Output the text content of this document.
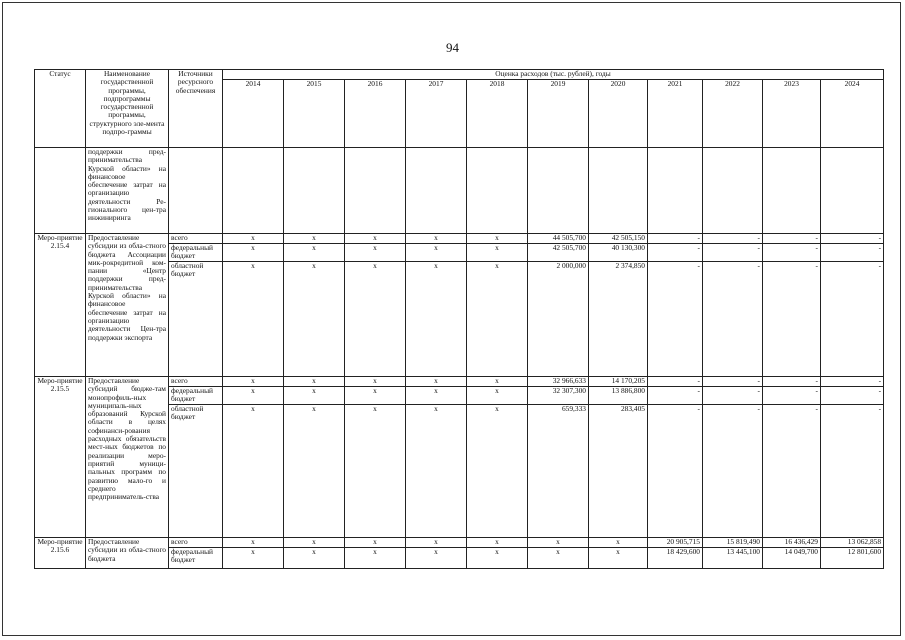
94
Статус	Наименование государственной программы, подпрограммы государственной программы, структурного эле-мента подпро-граммы	Источники ресурсного обеспечения	Оценка расходов (тыс. рублей), годы										
			2014	2015	2016	2017	2018	2019	2020	2021	2022	2023	2024
	поддержки пред-принимательства Курской области» на финансовое обеспечение затрат на организацию деятельности Ре-гионального цен-тра инжиниринга												
Меро-приятие 2.15.4	Предоставление субсидии из обла-стного бюджета Ассоциации мик-рокредитной ком-пании «Центр поддержки пред-принимательства Курской области» на финансовое обеспечение затрат на организацию деятельности Цен-тра поддержки экспорта	всего	x	x	x	x	x	44 505,700	42 505,150	-	-	-	-
		федеральный бюджет	x	x	x	x	x	42 505,700	40 130,300	-	-	-	-
		областной бюджет	x	x	x	x	x	2 000,000	2 374,850	-	-	-	-
Меро-приятие 2.15.5	Предоставление субсидий бюдже-там монопрофиль-ных муниципаль-ных образований Курской области в целях софинанси-рования расходных обязательств мест-ных бюджетов по реализации меро-приятий муници-пальных программ по развитию мало-го и среднего предприниматель-ства	всего	x	x	x	x	x	32 966,633	14 170,205	-	-	-	-
		федеральный бюджет	x	x	x	x	x	32 307,300	13 886,800	-	-	-	-
		областной бюджет	x	x	x	x	x	659,333	283,405	-	-	-	-
Меро-приятие 2.15.6	Предоставление субсидии из обла-стного бюджета	всего	x	x	x	x	x	x	x	20 905,715	15 819,490	16 436,429	13 062,858
		федеральный бюджет	x	x	x	x	x	x	x	18 429,600	13 445,100	14 049,700	12 801,600
